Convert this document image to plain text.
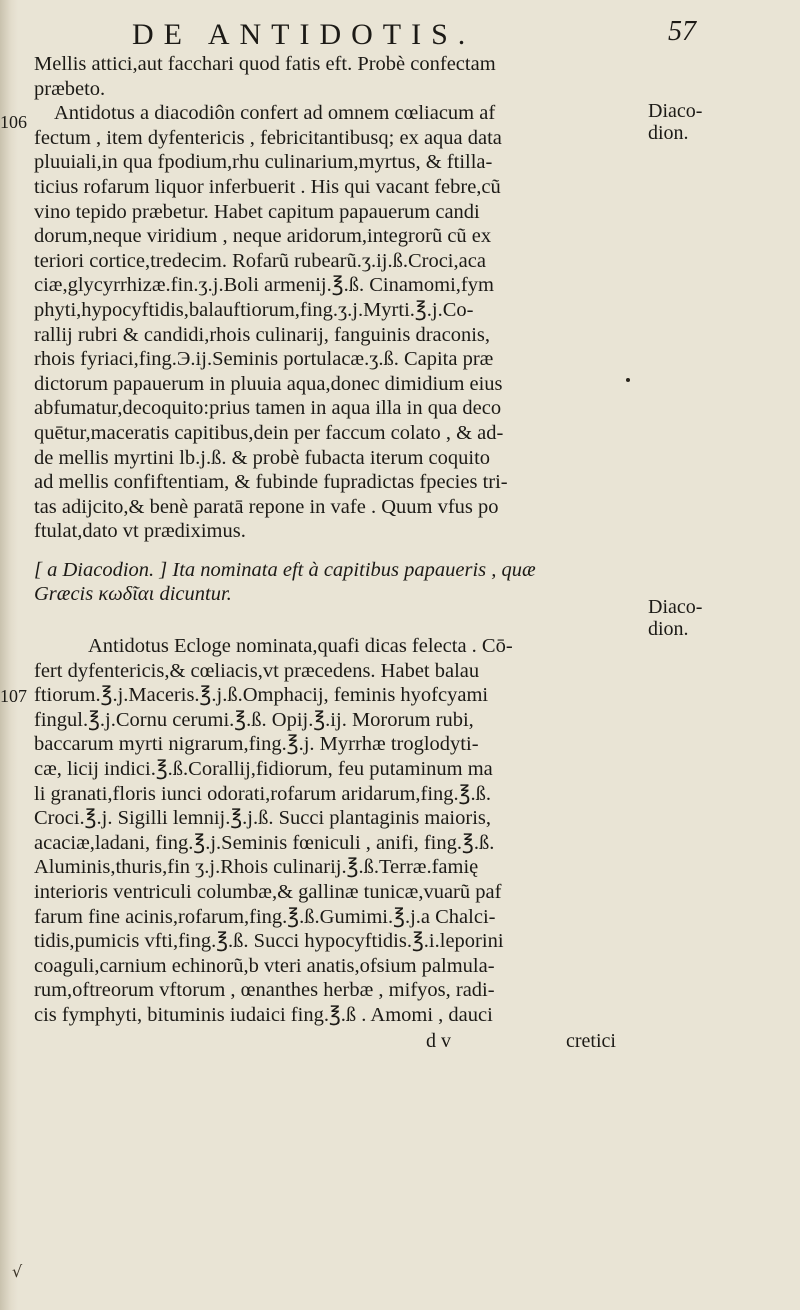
DE ANTIDOTIS.	57
106
107
Diaco-
dion.
Diaco-
dion.
Mellis attici,aut facchari quod fatis eft. Probè confectam
præbeto.
Antidotus a diacodiôn confert ad omnem cœliacum af
fectum , item dyfentericis , febricitantibusq; ex aqua data
pluuiali,in qua fpodium,rhu culinarium,myrtus, & ftilla-
ticius rofarum liquor inferbuerit . His qui vacant febre,cũ
vino tepido præbetur. Habet capitum papauerum candi
dorum,neque viridium , neque aridorum,integrorũ cũ ex
teriori cortice,tredecim. Rofarũ rubearũ.ʒ.ij.ß.Croci,aca
ciæ,glycyrrhizæ.fin.ʒ.j.Boli armenij.℥.ß. Cinamomi,fym
phyti,hypocyftidis,balauftiorum,fing.ʒ.j.Myrti.℥.j.Co-
rallij rubri & candidi,rhois culinarij, fanguinis draconis,
rhois fyriaci,fing.Э.ij.Seminis portulacæ.ʒ.ß. Capita præ
dictorum papauerum in pluuia aqua,donec dimidium eius
abfumatur,decoquito:prius tamen in aqua illa in qua deco
quētur,maceratis capitibus,dein per faccum colato , & ad-
de mellis myrtini lb.j.ß. & probè fubacta iterum coquito
ad mellis confiftentiam, & fubinde fupradictas fpecies tri-
tas adijcito,& benè paratā repone in vafe . Quum vfus po
ftulat,dato vt prædiximus.
[ a Diacodion. ] Ita nominata eft à capitibus papaueris , quæ
Græcis κωδῖαι dicuntur.
Antidotus Ecloge nominata,quafi dicas felecta . Cō-
fert dyfentericis,& cœliacis,vt præcedens. Habet balau
ftiorum.℥.j.Maceris.℥.j.ß.Omphacij, feminis hyofcyami
fingul.℥.j.Cornu cerumi.℥.ß. Opij.℥.ij. Mororum rubi,
baccarum myrti nigrarum,fing.℥.j. Myrrhæ troglodyti-
cæ, licij indici.℥.ß.Corallij,fidiorum, feu putaminum ma
li granati,floris iunci odorati,rofarum aridarum,fing.℥.ß.
Croci.℥.j. Sigilli lemnij.℥.j.ß. Succi plantaginis maioris,
acaciæ,ladani, fing.℥.j.Seminis fœniculi , anifi, fing.℥.ß.
Aluminis,thuris,fin ʒ.j.Rhois culinarij.℥.ß.Terræ.famię
interioris ventriculi columbæ,& gallinæ tunicæ,vuarũ paf
farum fine acinis,rofarum,fing.℥.ß.Gumimi.℥.j.a Chalci-
tidis,pumicis vfti,fing.℥.ß. Succi hypocyftidis.℥.i.leporini
coaguli,carnium echinorũ,b vteri anatis,ofsium palmula-
rum,oftreorum vftorum , œnanthes herbæ , mifyos, radi-
cis fymphyti, bituminis iudaici fing.℥.ß . Amomi , dauci
d v	cretici
√
